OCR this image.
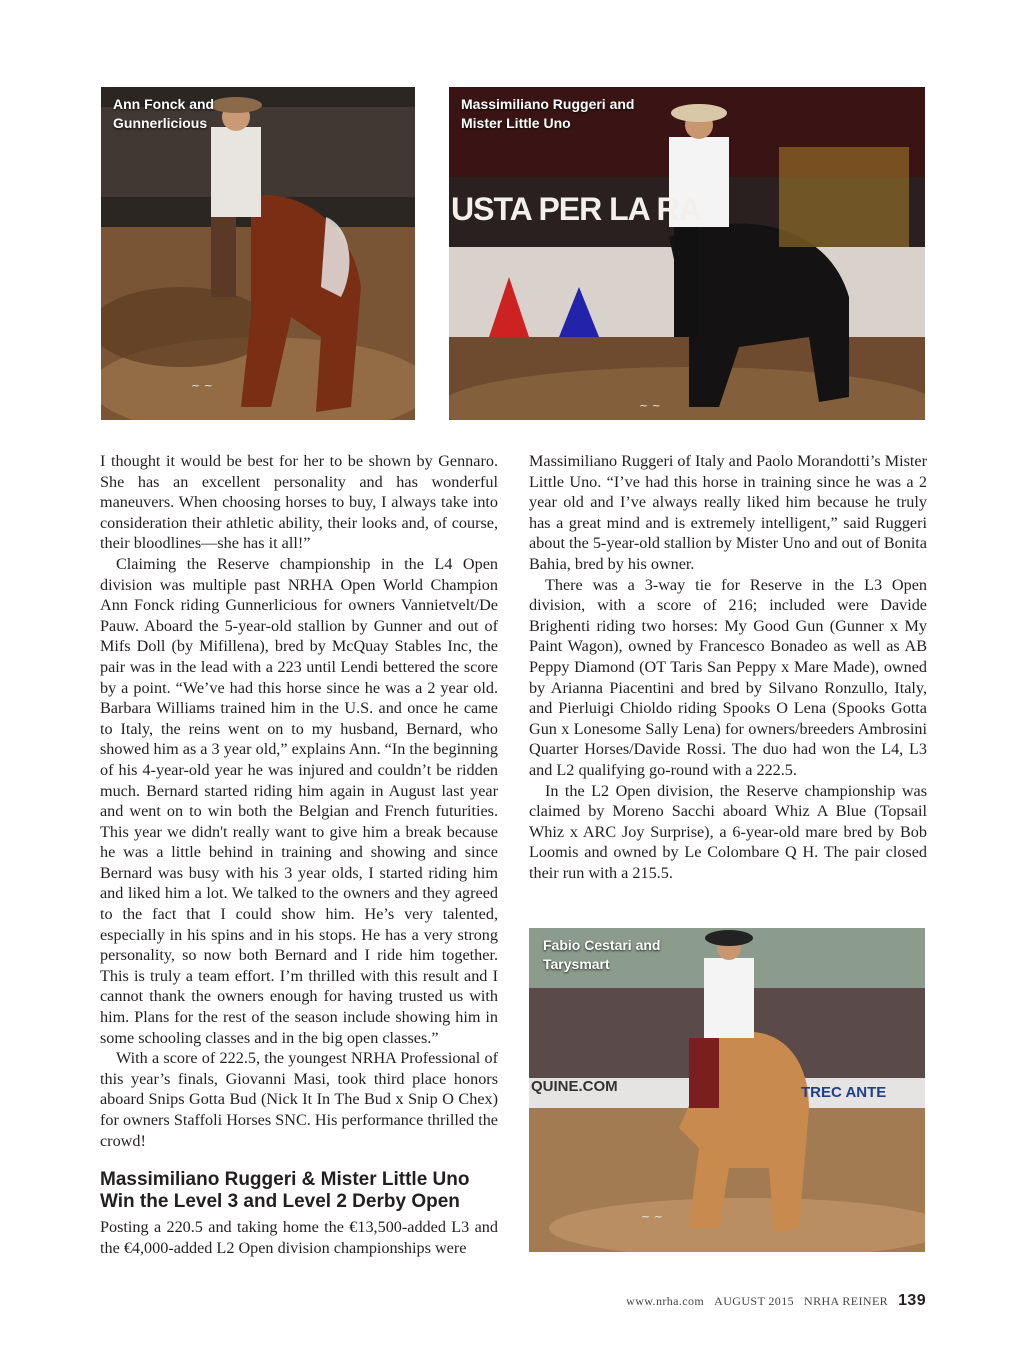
Ann Fonck and
Gunnerlicious
~ ~
USTA PER LA RA
Massimiliano Ruggeri and
Mister Little Uno
~ ~

I thought it would be best for her to be shown by Gennaro. She has an excellent personality and has wonderful maneuvers. When choosing horses to buy, I always take into consideration their athletic ability, their looks and, of course, their bloodlines—she has it all!”

Claiming the Reserve championship in the L4 Open division was multiple past NRHA Open World Champion Ann Fonck riding Gunnerlicious for owners Vannietvelt/De Pauw. Aboard the 5-year-old stallion by Gunner and out of Mifs Doll (by Mifillena), bred by McQuay Stables Inc, the pair was in the lead with a 223 until Lendi bettered the score by a point. “We’ve had this horse since he was a 2 year old. Barbara Williams trained him in the U.S. and once he came to Italy, the reins went on to my husband, Bernard, who showed him as a 3 year old,” explains Ann. “In the beginning of his 4-year-old year he was injured and couldn’t be ridden much. Bernard started riding him again in August last year and went on to win both the Belgian and French futurities. This year we didn't really want to give him a break because he was a little behind in training and showing and since Bernard was busy with his 3 year olds, I started riding him and liked him a lot. We talked to the owners and they agreed to the fact that I could show him. He’s very talented, especially in his spins and in his stops. He has a very strong personality, so now both Bernard and I ride him together. This is truly a team effort. I’m thrilled with this result and I cannot thank the owners enough for having trusted us with him. Plans for the rest of the season include showing him in some schooling classes and in the big open classes.”

With a score of 222.5, the youngest NRHA Professional of this year’s finals, Giovanni Masi, took third place honors aboard Snips Gotta Bud (Nick It In The Bud x Snip O Chex) for owners Staffoli Horses SNC. His performance thrilled the crowd!

Massimiliano Ruggeri & Mister Little Uno Win the Level 3 and Level 2 Derby Open

Posting a 220.5 and taking home the €13,500-added L3 and the €4,000-added L2 Open division championships were

Massimiliano Ruggeri of Italy and Paolo Morandotti’s Mister Little Uno. “I’ve had this horse in training since he was a 2 year old and I’ve always really liked him because he truly has a great mind and is extremely intelligent,” said Ruggeri about the 5-year-old stallion by Mister Uno and out of Bonita Bahia, bred by his owner.

There was a 3-way tie for Reserve in the L3 Open division, with a score of 216; included were Davide Brighenti riding two horses: My Good Gun (Gunner x My Paint Wagon), owned by Francesco Bonadeo as well as AB Peppy Diamond (OT Taris San Peppy x Mare Made), owned by Arianna Piacentini and bred by Silvano Ronzullo, Italy, and Pierluigi Chioldo riding Spooks O Lena (Spooks Gotta Gun x Lonesome Sally Lena) for owners/breeders Ambrosini Quarter Horses/Davide Rossi. The duo had won the L4, L3 and L2 qualifying go-round with a 222.5.

In the L2 Open division, the Reserve championship was claimed by Moreno Sacchi aboard Whiz A Blue (Topsail Whiz x ARC Joy Surprise), a 6-year-old mare bred by Bob Loomis and owned by Le Colombare Q H. The pair closed their run with a 215.5.

QUINE.COM	TREC ANTE
Fabio Cestari and
Tarysmart
~ ~
www.nrha.com AUGUST 2015 NRHA REINER 139
